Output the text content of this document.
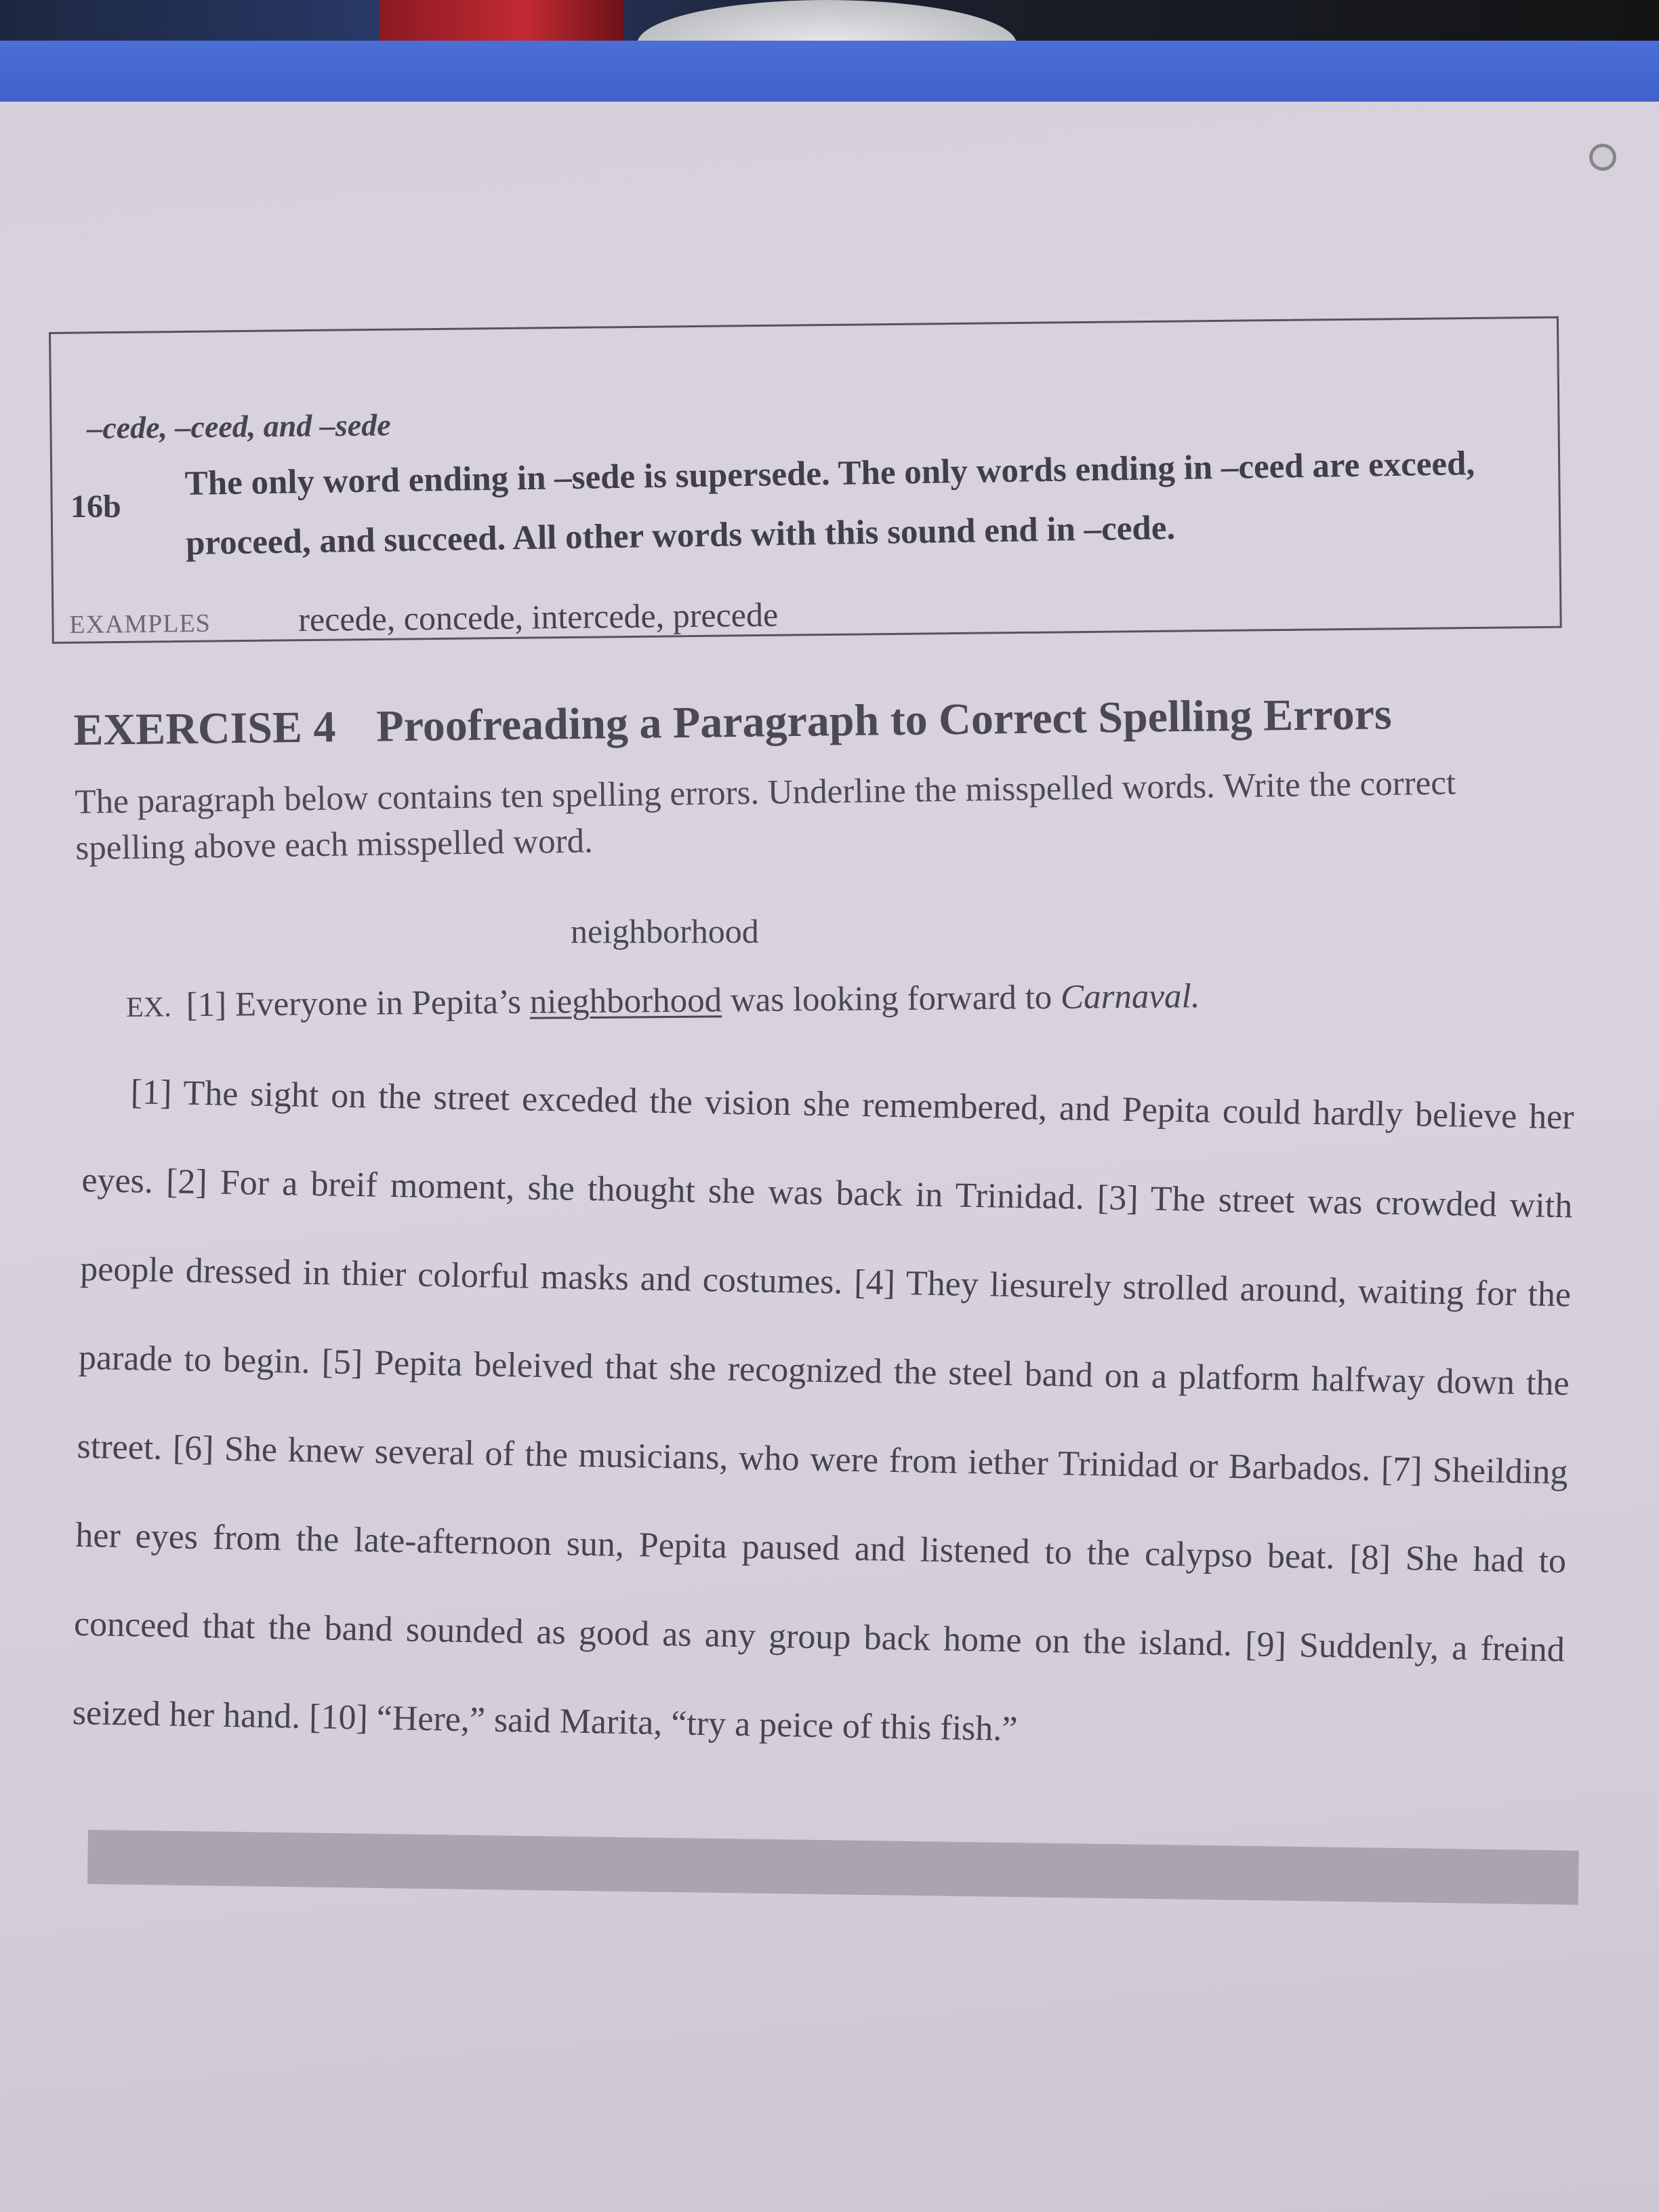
–cede, –ceed, and –sede
16b
The only word ending in –sede is supersede. The only words ending in –ceed are exceed, proceed, and succeed. All other words with this sound end in –cede.
EXAMPLES	recede, concede, intercede, precede
EXERCISE 4 Proofreading a Paragraph to Correct Spelling Errors
The paragraph below contains ten spelling errors. Underline the misspelled words. Write the correct spelling above each misspelled word.
neighborhood
EX. [1] Everyone in Pepita’s nieghborhood was looking forward to Carnaval.
[1] The sight on the street exceded the vision she remembered, and Pepita could hardly believe her eyes. [2] For a breif moment, she thought she was back in Trinidad. [3] The street was crowded with people dressed in thier colorful masks and costumes. [4] They liesurely strolled around, waiting for the parade to begin. [5] Pepita beleived that she recognized the steel band on a platform halfway down the street. [6] She knew several of the musicians, who were from iether Trinidad or Barbados. [7] Sheilding her eyes from the late-afternoon sun, Pepita paused and listened to the calypso beat. [8] She had to conceed that the band sounded as good as any group back home on the island. [9] Suddenly, a freind seized her hand. [10] “Here,” said Marita, “try a peice of this fish.”
